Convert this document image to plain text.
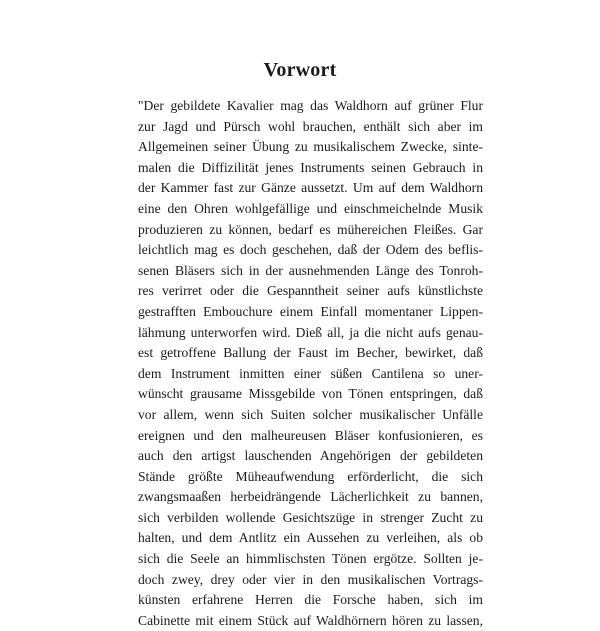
Vorwort
"Der gebildete Kavalier mag das Waldhorn auf grüner Flur
zur Jagd und Pürsch wohl brauchen, enthält sich aber im
Allgemeinen seiner Übung zu musikalischem Zwecke, sinte-
malen die Diffizilität jenes Instruments seinen Gebrauch in
der Kammer fast zur Gänze aussetzt. Um auf dem Waldhorn
eine den Ohren wohlgefällige und einschmeichelnde Musik
produzieren zu können, bedarf es mühereichen Fleißes. Gar
leichtlich mag es doch geschehen, daß der Odem des beflis-
senen Bläsers sich in der ausnehmenden Länge des Tonroh-
res verirret oder die Gespanntheit seiner aufs künstlichste
gestrafften Embouchure einem Einfall momentaner Lippen-
lähmung unterworfen wird. Dieß all, ja die nicht aufs genau-
est getroffene Ballung der Faust im Becher, bewirket, daß
dem Instrument inmitten einer süßen Cantilena so uner-
wünscht grausame Missgebilde von Tönen entspringen, daß
vor allem, wenn sich Suiten solcher musikalischer Unfälle
ereignen und den malheureusen Bläser konfusionieren, es
auch den artigst lauschenden Angehörigen der gebildeten
Stände größte Müheaufwendung erförderlicht, die sich
zwangsmaaßen herbeidrängende Lächerlichkeit zu bannen,
sich verbilden wollende Gesichtszüge in strenger Zucht zu
halten, und dem Antlitz ein Aussehen zu verleihen, als ob
sich die Seele an himmlischsten Tönen ergötze. Sollten je-
doch zwey, drey oder vier in den musikalischen Vortrags-
künsten erfahrene Herren die Forsche haben, sich im
Cabinette mit einem Stück auf Waldhörnern hören zu lassen,
